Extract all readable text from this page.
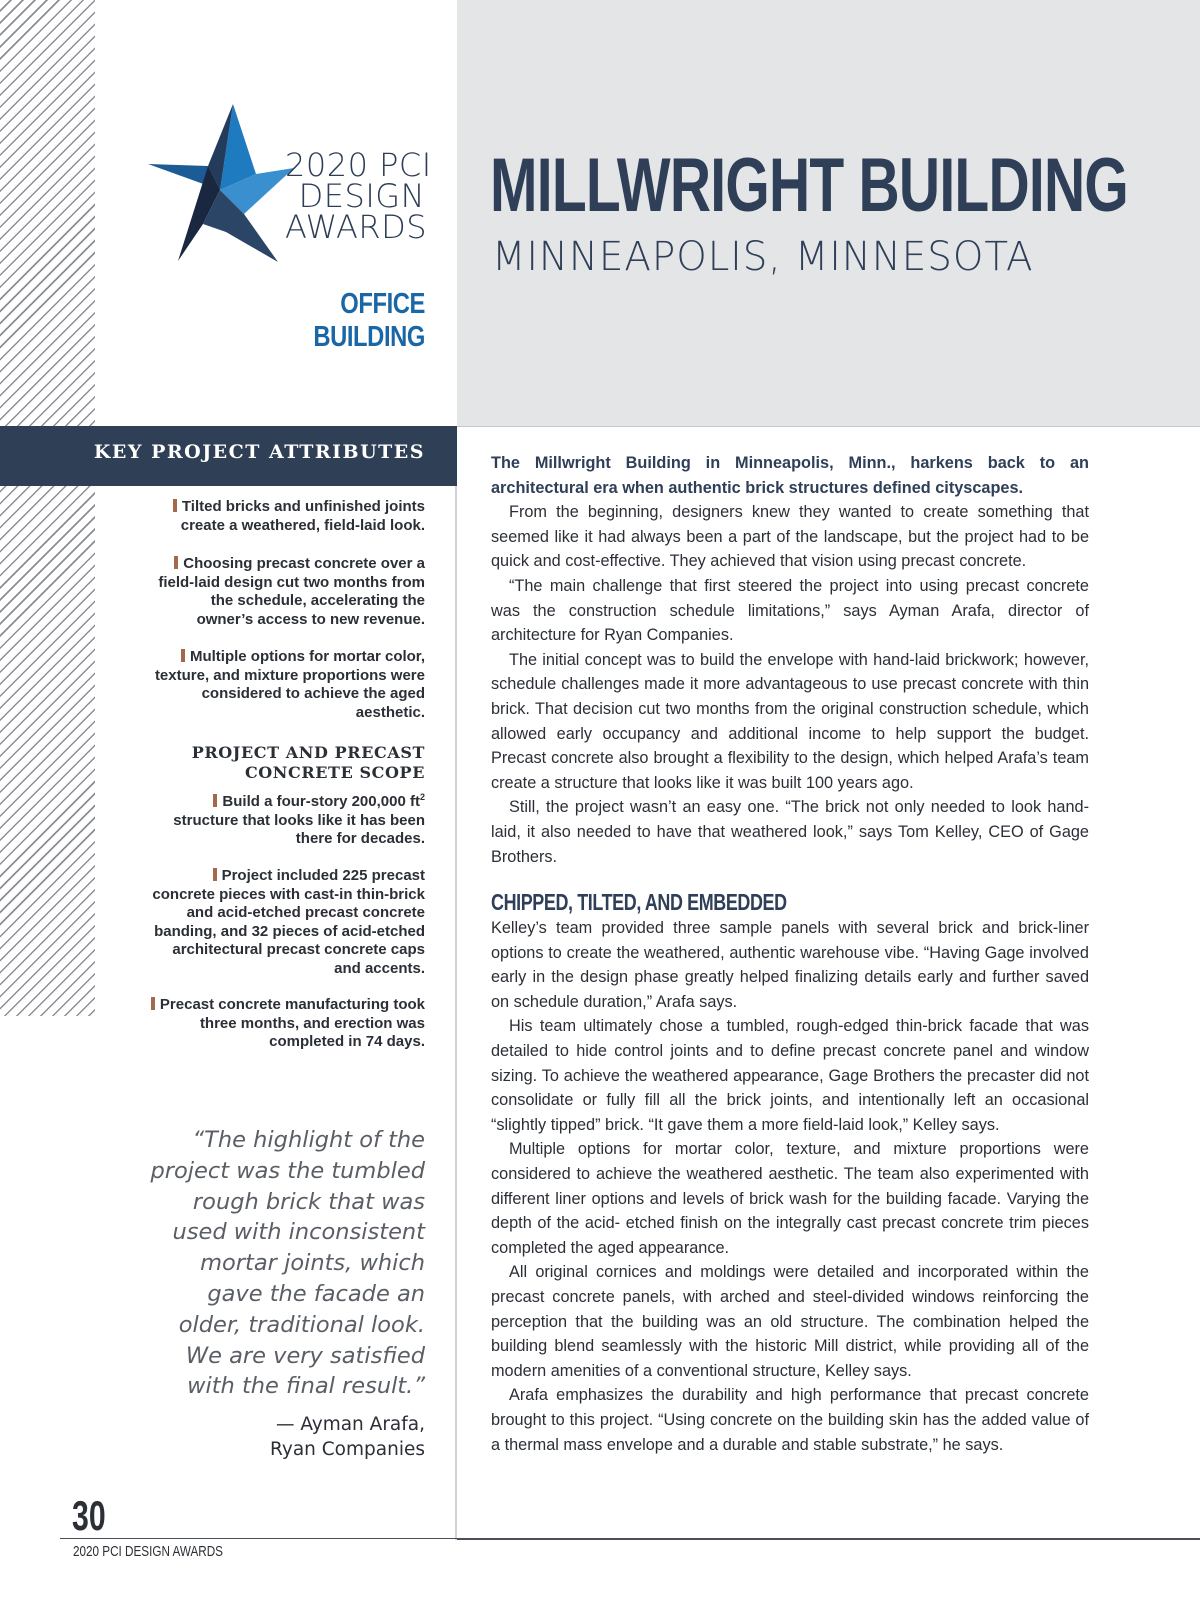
2020 PCI
DESIGN
AWARDS
OFFICE BUILDING
MILLWRIGHT BUILDING
MINNEAPOLIS, MINNESOTA
KEY PROJECT ATTRIBUTES
Tilted bricks and unfinished joints create a weathered, field-laid look.
Choosing precast concrete over a field-laid design cut two months from the schedule, accelerating the owner’s access to new revenue.
Multiple options for mortar color, texture, and mixture proportions were considered to achieve the aged aesthetic.
PROJECT AND PRECAST
CONCRETE SCOPE
Build a four-story 200,000 $ft^2$ structure that looks like it has been there for decades.
Project included 225 precast concrete pieces with cast-in thin-brick and acid-etched precast concrete banding, and 32 pieces of acid-etched architectural precast concrete caps and accents.
Precast concrete manufacturing took three months, and erection was completed in 74 days.
“The highlight of the project was the tumbled rough brick that was used with inconsistent mortar joints, which gave the facade an older, traditional look. We are very satisfied with the final result.”
— Ayman Arafa,
Ryan Companies

The Millwright Building in Minneapolis, Minn., harkens back to an architectural era when authentic brick structures defined cityscapes.

From the beginning, designers knew they wanted to create something that seemed like it had always been a part of the landscape, but the project had to be quick and cost-effective. They achieved that vision using precast concrete.

“The main challenge that first steered the project into using precast concrete was the construction schedule limitations,” says Ayman Arafa, director of architecture for Ryan Companies.

The initial concept was to build the envelope with hand-laid brickwork; however, schedule challenges made it more advantageous to use precast concrete with thin brick. That decision cut two months from the original construction schedule, which allowed early occupancy and additional income to help support the budget. Precast concrete also brought a flexibility to the design, which helped Arafa’s team create a structure that looks like it was built 100 years ago.

Still, the project wasn’t an easy one. “The brick not only needed to look hand-laid, it also needed to have that weathered look,” says Tom Kelley, CEO of Gage Brothers.

CHIPPED, TILTED, AND EMBEDDED

Kelley’s team provided three sample panels with several brick and brick-liner options to create the weathered, authentic warehouse vibe. “Having Gage involved early in the design phase greatly helped finalizing details early and further saved on schedule duration,” Arafa says.

His team ultimately chose a tumbled, rough-edged thin-brick facade that was detailed to hide control joints and to define precast concrete panel and window sizing. To achieve the weathered appearance, Gage Brothers the precaster did not consolidate or fully fill all the brick joints, and intentionally left an occasional “slightly tipped” brick. “It gave them a more field-laid look,” Kelley says.

Multiple options for mortar color, texture, and mixture proportions were considered to achieve the weathered aesthetic. The team also experimented with different liner options and levels of brick wash for the building facade. Varying the depth of the acid- etched finish on the integrally cast precast concrete trim pieces completed the aged appearance.

All original cornices and moldings were detailed and incorporated within the precast concrete panels, with arched and steel-divided windows reinforcing the perception that the building was an old structure. The combination helped the building blend seamlessly with the historic Mill district, while providing all of the modern amenities of a conventional structure, Kelley says.

Arafa emphasizes the durability and high performance that precast concrete brought to this project. “Using concrete on the building skin has the added value of a thermal mass envelope and a durable and stable substrate,” he says.

30
2020 PCI DESIGN AWARDS
